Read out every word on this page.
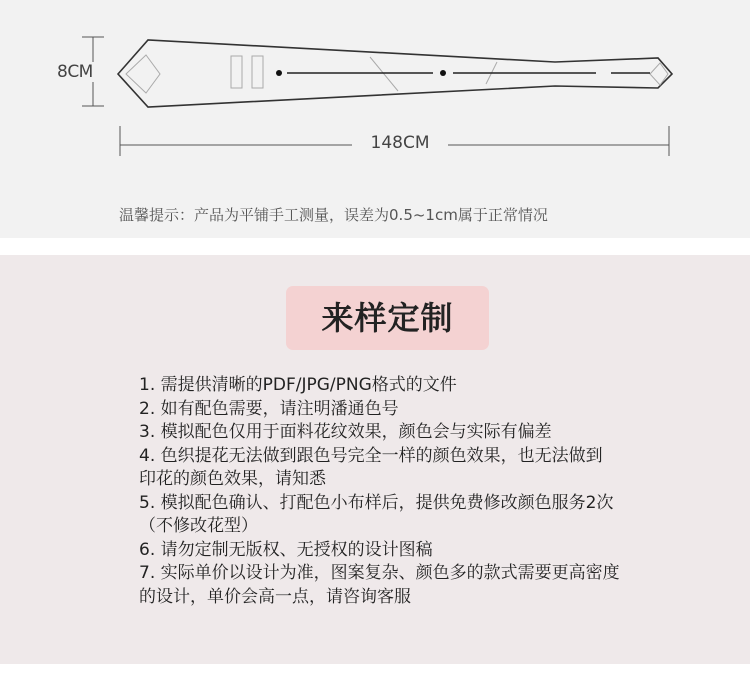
8CM
148CM
温馨提示：产品为平铺手工测量，误差为0.5~1cm属于正常情况
来样定制
1. 需提供清晰的PDF/JPG/PNG格式的文件
2. 如有配色需要，请注明潘通色号
3. 模拟配色仅用于面料花纹效果，颜色会与实际有偏差
4. 色织提花无法做到跟色号完全一样的颜色效果，也无法做到
印花的颜色效果，请知悉
5. 模拟配色确认、打配色小布样后，提供免费修改颜色服务2次
（不修改花型）
6. 请勿定制无版权、无授权的设计图稿
7. 实际单价以设计为准，图案复杂、颜色多的款式需要更高密度
的设计，单价会高一点，请咨询客服
